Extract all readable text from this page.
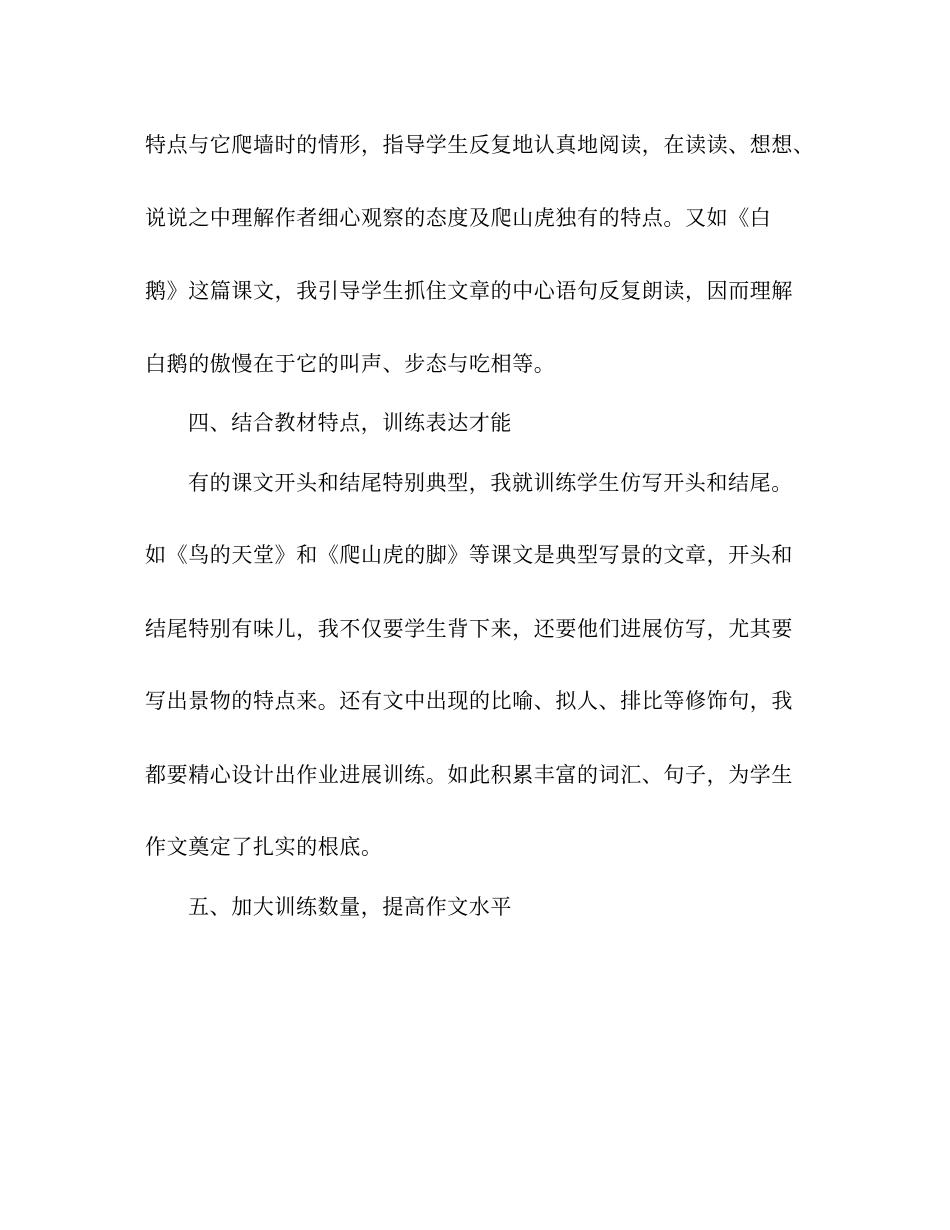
特点与它爬墙时的情形，指导学生反复地认真地阅读，在读读、想想、
说说之中理解作者细心观察的态度及爬山虎独有的特点。又如《白
鹅》这篇课文，我引导学生抓住文章的中心语句反复朗读，因而理解
白鹅的傲慢在于它的叫声、步态与吃相等。
四、结合教材特点，训练表达才能
有的课文开头和结尾特别典型，我就训练学生仿写开头和结尾。
如《鸟的天堂》和《爬山虎的脚》等课文是典型写景的文章，开头和
结尾特别有味儿，我不仅要学生背下来，还要他们进展仿写，尤其要
写出景物的特点来。还有文中出现的比喻、拟人、排比等修饰句，我
都要精心设计出作业进展训练。如此积累丰富的词汇、句子，为学生
作文奠定了扎实的根底。
五、加大训练数量，提高作文水平
